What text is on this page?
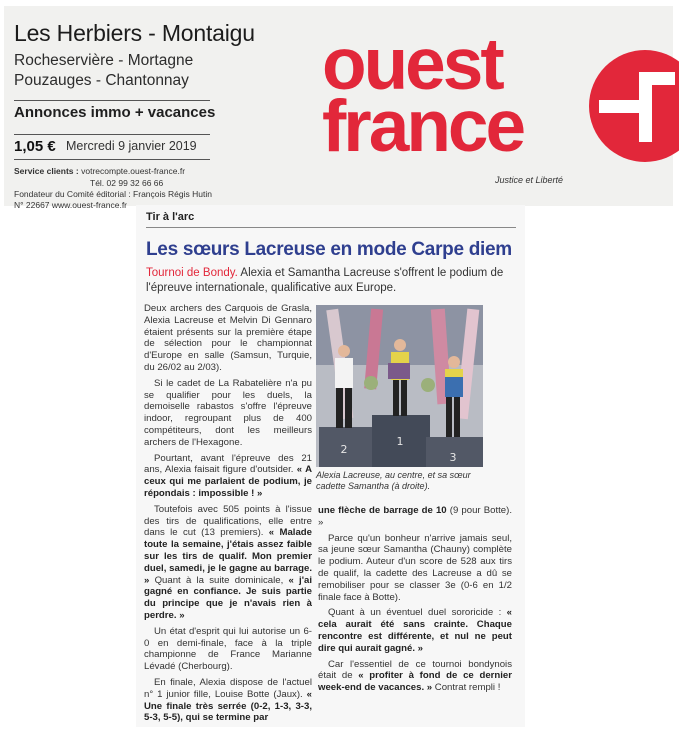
Les Herbiers - Montaigu
Rocheservière - Mortagne
Pouzauges - Chantonnay
Annonces immo + vacances
1,05 € Mercredi 9 janvier 2019
Service clients : votrecompte.ouest-france.fr
Tél. 02 99 32 66 66
Fondateur du Comité éditorial : François Régis Hutin
N° 22667 www.ouest-france.fr
ouest
france
Justice et Liberté
Tir à l'arc
Les sœurs Lacreuse en mode Carpe diem
Tournoi de Bondy. Alexia et Samantha Lacreuse s'offrent le podium de l'épreuve internationale, qualificative aux Europe.

Deux archers des Carquois de Grasla, Alexia Lacreuse et Melvin Di Gennaro étaient présents sur la première étape de sélection pour le championnat d'Europe en salle (Samsun, Turquie, du 26/02 au 2/03).

Si le cadet de La Rabatelière n'a pu se qualifier pour les duels, la demoiselle rabastos s'offre l'épreuve indoor, regroupant plus de 400 compétiteurs, dont les meilleurs archers de l'Hexagone.

Pourtant, avant l'épreuve des 21 ans, Alexia faisait figure d'outsider. « A ceux qui me parlaient de podium, je répondais : impossible ! »

Toutefois avec 505 points à l'issue des tirs de qualifications, elle entre dans le cut (13 premiers). « Malade toute la semaine, j'étais assez faible sur les tirs de qualif. Mon premier duel, samedi, je le gagne au barrage. » Quant à la suite dominicale, « j'ai gagné en confiance. Je suis partie du principe que je n'avais rien à perdre. »

Un état d'esprit qui lui autorise un 6-0 en demi-finale, face à la triple championne de France Marianne Lévadé (Cherbourg).

En finale, Alexia dispose de l'actuel n° 1 junior fille, Louise Botte (Jaux). « Une finale très serrée (0-2, 1-3, 3-3, 5-3, 5-5), qui se termine par

2
1
3
Alexia Lacreuse, au centre, et sa sœur cadette Samantha (à droite).

une flèche de barrage de 10 (9 pour Botte). »

Parce qu'un bonheur n'arrive jamais seul, sa jeune sœur Samantha (Chauny) complète le podium. Auteur d'un score de 528 aux tirs de qualif, la cadette des Lacreuse a dû se remobiliser pour se classer 3e (0-6 en 1/2 finale face à Botte).

Quant à un éventuel duel sororicide : « cela aurait été sans crainte. Chaque rencontre est différente, et nul ne peut dire qui aurait gagné. »

Car l'essentiel de ce tournoi bondynois était de « profiter à fond de ce dernier week-end de vacances. » Contrat rempli !
